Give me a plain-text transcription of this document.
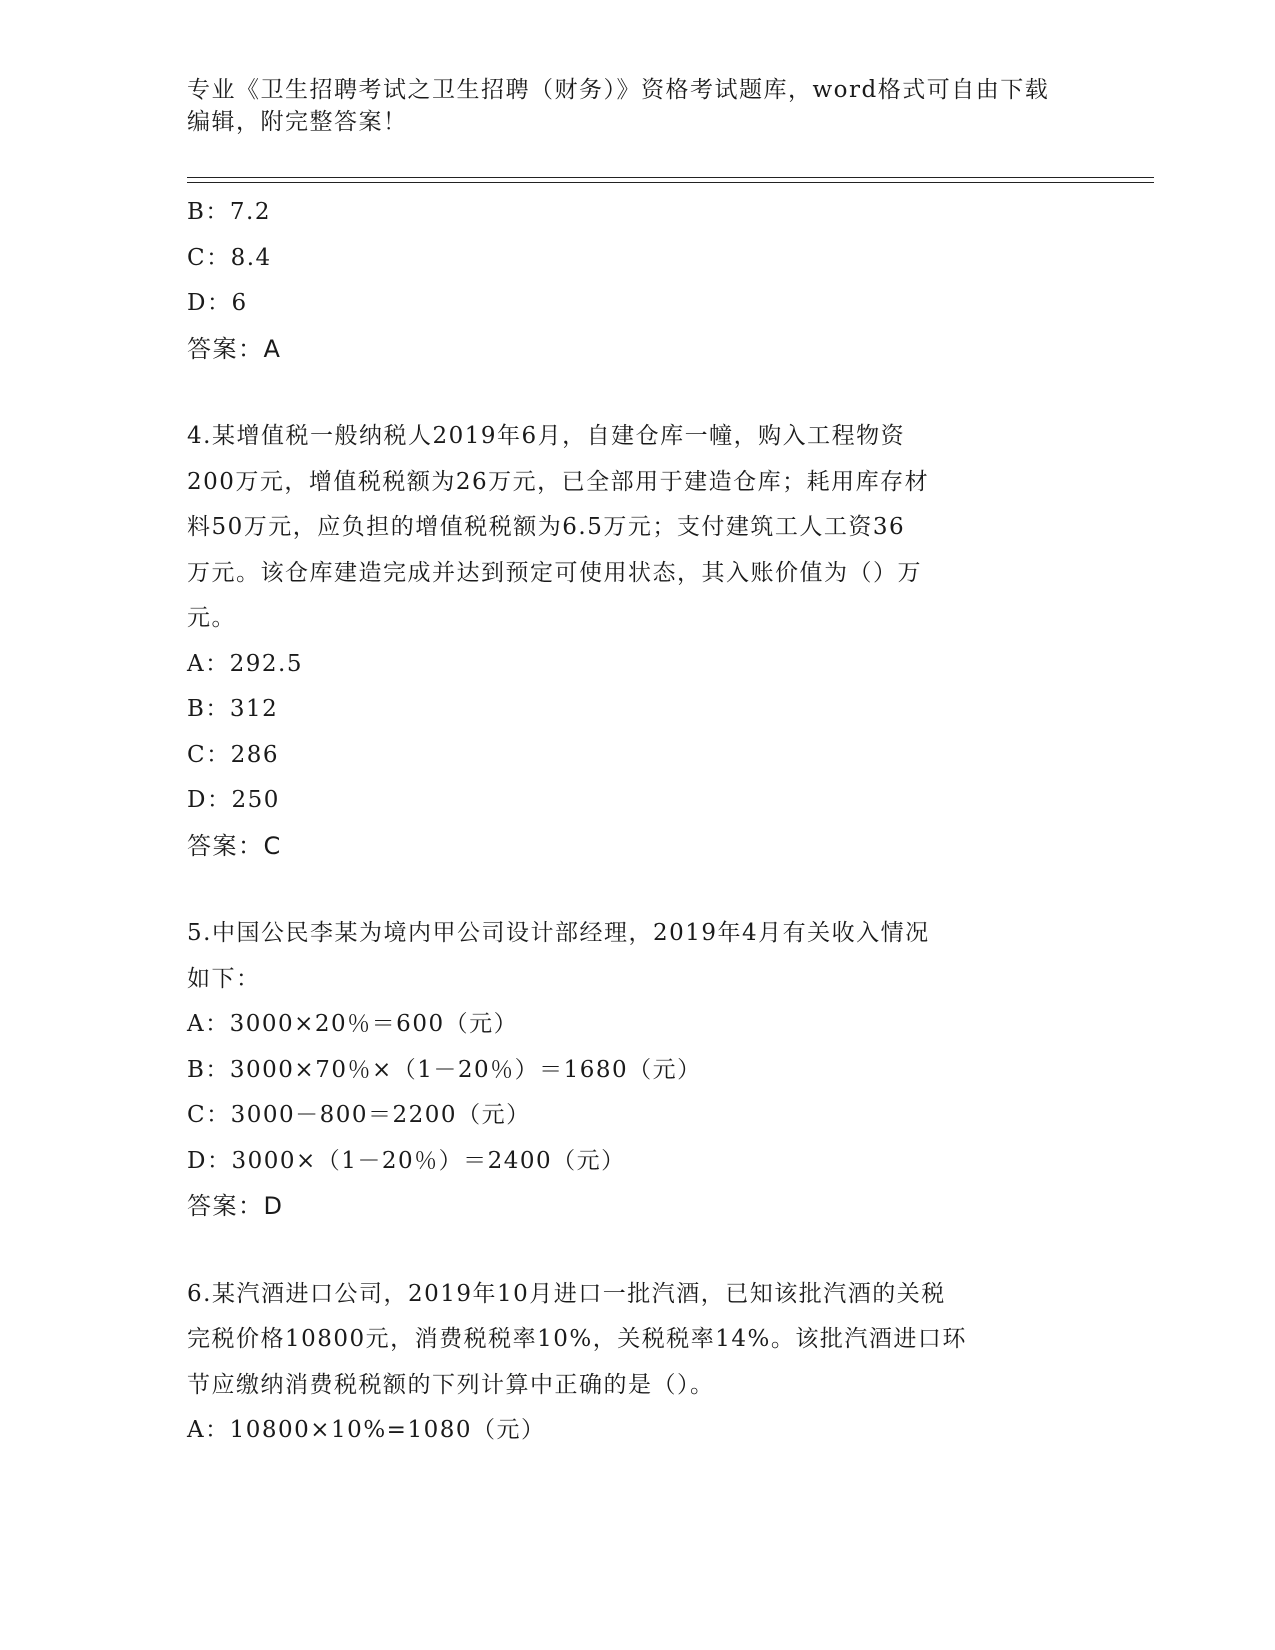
专业《卫生招聘考试之卫生招聘（财务）》资格考试题库，word格式可自由下载
编辑，附完整答案！
B：7.2
C：8.4
D：6
答案：A
4.某增值税一般纳税人2019年6月，自建仓库一幢，购入工程物资
200万元，增值税税额为26万元，已全部用于建造仓库；耗用库存材
料50万元，应负担的增值税税额为6.5万元；支付建筑工人工资36
万元。该仓库建造完成并达到预定可使用状态，其入账价值为（）万
元。
A：292.5
B：312
C：286
D：250
答案：C
5.中国公民李某为境内甲公司设计部经理，2019年4月有关收入情况
如下：
A：3000×20％＝600（元）
B：3000×70％×（1－20％）＝1680（元）
C：3000－800＝2200（元）
D：3000×（1－20％）＝2400（元）
答案：D
6.某汽酒进口公司，2019年10月进口一批汽酒，已知该批汽酒的关税
完税价格10800元，消费税税率10%，关税税率14%。该批汽酒进口环
节应缴纳消费税税额的下列计算中正确的是（）。
A：10800×10%=1080（元）
